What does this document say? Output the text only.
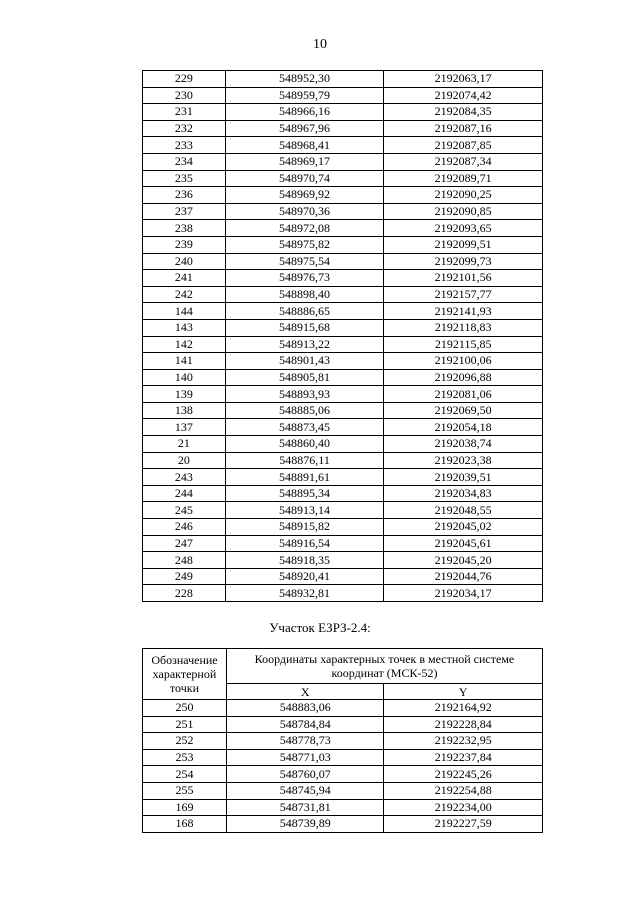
10
229	548952,30	2192063,17
230	548959,79	2192074,42
231	548966,16	2192084,35
232	548967,96	2192087,16
233	548968,41	2192087,85
234	548969,17	2192087,34
235	548970,74	2192089,71
236	548969,92	2192090,25
237	548970,36	2192090,85
238	548972,08	2192093,65
239	548975,82	2192099,51
240	548975,54	2192099,73
241	548976,73	2192101,56
242	548898,40	2192157,77
144	548886,65	2192141,93
143	548915,68	2192118,83
142	548913,22	2192115,85
141	548901,43	2192100,06
140	548905,81	2192096,88
139	548893,93	2192081,06
138	548885,06	2192069,50
137	548873,45	2192054,18
21	548860,40	2192038,74
20	548876,11	2192023,38
243	548891,61	2192039,51
244	548895,34	2192034,83
245	548913,14	2192048,55
246	548915,82	2192045,02
247	548916,54	2192045,61
248	548918,35	2192045,20
249	548920,41	2192044,76
228	548932,81	2192034,17
Участок ЕЗРЗ-2.4:
Обозначение характерной точки	Координаты характерных точек в местной системе координат (МСК-52)	
	X	Y
250	548883,06	2192164,92
251	548784,84	2192228,84
252	548778,73	2192232,95
253	548771,03	2192237,84
254	548760,07	2192245,26
255	548745,94	2192254,88
169	548731,81	2192234,00
168	548739,89	2192227,59
